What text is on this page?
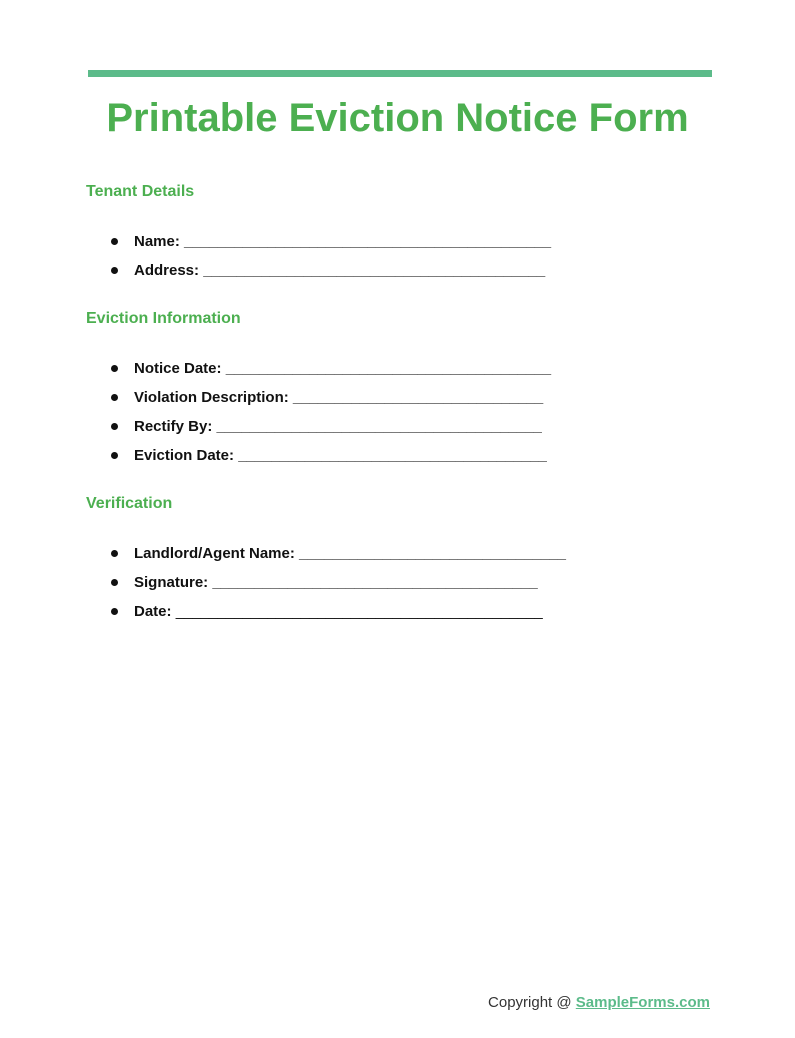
Printable Eviction Notice Form
Tenant Details
Name: ____________________________________________
Address: _________________________________________
Eviction Information
Notice Date: _______________________________________
Violation Description: ______________________________
Rectify By: _______________________________________
Eviction Date: _____________________________________
Verification
Landlord/Agent Name: ________________________________
Signature: _______________________________________
Date: ____________________________________________
Copyright @ SampleForms.com
